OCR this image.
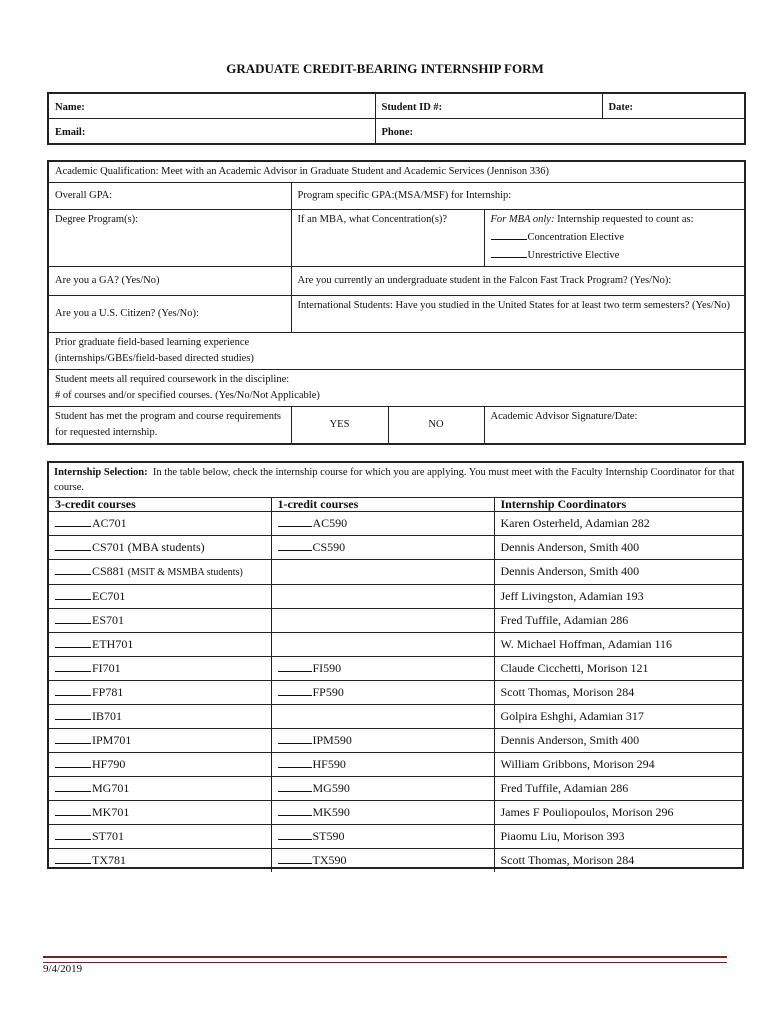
GRADUATE CREDIT-BEARING INTERNSHIP FORM
Name:	Student ID #:	Date:
Email:	Phone:	
Academic Qualification: Meet with an Academic Advisor in Graduate Student and Academic Services (Jennison 336)			
Overall GPA:	Program specific GPA:(MSA/MSF) for Internship:		
Degree Program(s):	If an MBA, what Concentration(s)?		For MBA only: Internship requested to count as:
Concentration Elective
Unrestrictive Elective
Are you a GA? (Yes/No)	Are you currently an undergraduate student in the Falcon Fast Track Program? (Yes/No):		
Are you a U.S. Citizen? (Yes/No):	International Students: Have you studied in the United States for at least two term semesters? (Yes/No)		
Prior graduate field-based learning experience (internships/GBEs/field-based directed studies)			
Student meets all required coursework in the discipline:
# of courses and/or specified courses. (Yes/No/Not Applicable)			
Student has met the program and course requirements for requested internship.	YES	NO	Academic Advisor Signature/Date:
Internship Selection: In the table below, check the internship course for which you are applying. You must meet with the Faculty Internship Coordinator for that course.
3-credit courses	1-credit courses	Internship Coordinators
AC701	AC590	Karen Osterheld, Adamian 282
CS701 (MBA students)	CS590	Dennis Anderson, Smith 400
CS881 (MSIT & MSMBA students)		Dennis Anderson, Smith 400
EC701		Jeff Livingston, Adamian 193
ES701		Fred Tuffile, Adamian 286
ETH701		W. Michael Hoffman, Adamian 116
FI701	FI590	Claude Cicchetti, Morison 121
FP781	FP590	Scott Thomas, Morison 284
IB701		Golpira Eshghi, Adamian 317
IPM701	IPM590	Dennis Anderson, Smith 400
HF790	HF590	William Gribbons, Morison 294
MG701	MG590	Fred Tuffile, Adamian 286
MK701	MK590	James F Pouliopoulos, Morison 296
ST701	ST590	Piaomu Liu, Morison 393
TX781	TX590	Scott Thomas, Morison 284
9/4/2019
